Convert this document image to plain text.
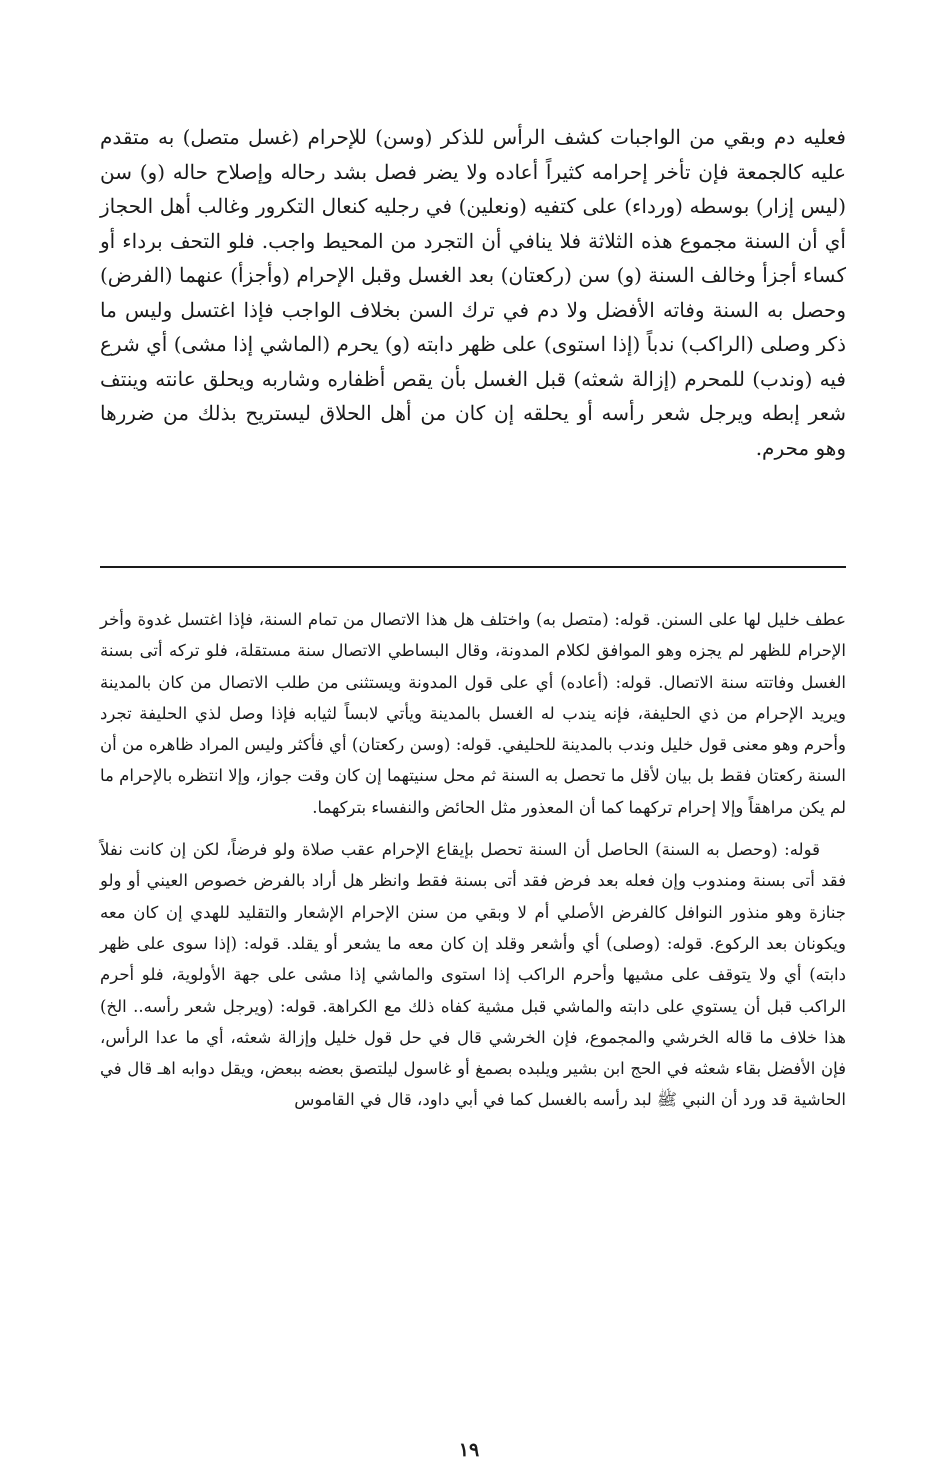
فعليه دم وبقي من الواجبات كشف الرأس للذكر (وسن) للإحرام (غسل متصل) به متقدم عليه كالجمعة فإن تأخر إحرامه كثيراً أعاده ولا يضر فصل بشد رحاله وإصلاح حاله (و) سن (ليس إزار) بوسطه (ورداء) على كتفيه (ونعلين) في رجليه كنعال التكرور وغالب أهل الحجاز أي أن السنة مجموع هذه الثلاثة فلا ينافي أن التجرد من المحيط واجب. فلو التحف برداء أو كساء أجزأ وخالف السنة (و) سن (ركعتان) بعد الغسل وقبل الإحرام (وأجزأ) عنهما (الفرض) وحصل به السنة وفاته الأفضل ولا دم في ترك السن بخلاف الواجب فإذا اغتسل وليس ما ذكر وصلى (الراكب) ندباً (إذا استوى) على ظهر دابته (و) يحرم (الماشي إذا مشى) أي شرع فيه (وندب) للمحرم (إزالة شعثه) قبل الغسل بأن يقص أظفاره وشاربه ويحلق عانته وينتف شعر إبطه ويرجل شعر رأسه أو يحلقه إن كان من أهل الحلاق ليستريح بذلك من ضررها وهو محرم.

عطف خليل لها على السنن. قوله: (متصل به) واختلف هل هذا الاتصال من تمام السنة، فإذا اغتسل غدوة وأخر الإحرام للظهر لم يجزه وهو الموافق لكلام المدونة، وقال البساطي الاتصال سنة مستقلة، فلو تركه أتى بسنة الغسل وفاتته سنة الاتصال. قوله: (أعاده) أي على قول المدونة ويستثنى من طلب الاتصال من كان بالمدينة ويريد الإحرام من ذي الحليفة، فإنه يندب له الغسل بالمدينة ويأتي لابساً لثيابه فإذا وصل لذي الحليفة تجرد وأحرم وهو معنى قول خليل وندب بالمدينة للحليفي. قوله: (وسن ركعتان) أي فأكثر وليس المراد ظاهره من أن السنة ركعتان فقط بل بيان لأقل ما تحصل به السنة ثم محل سنيتهما إن كان وقت جواز، وإلا انتظره بالإحرام ما لم يكن مراهقاً وإلا إحرام تركهما كما أن المعذور مثل الحائض والنفساء بتركهما.

قوله: (وحصل به السنة) الحاصل أن السنة تحصل بإيقاع الإحرام عقب صلاة ولو فرضاً، لكن إن كانت نفلاً فقد أتى بسنة ومندوب وإن فعله بعد فرض فقد أتى بسنة فقط وانظر هل أراد بالفرض خصوص العيني أو ولو جنازة وهو منذور النوافل كالفرض الأصلي أم لا وبقي من سنن الإحرام الإشعار والتقليد للهدي إن كان معه ويكونان بعد الركوع. قوله: (وصلى) أي وأشعر وقلد إن كان معه ما يشعر أو يقلد. قوله: (إذا سوى على ظهر دابته) أي ولا يتوقف على مشيها وأحرم الراكب إذا استوى والماشي إذا مشى على جهة الأولوية، فلو أحرم الراكب قبل أن يستوي على دابته والماشي قبل مشية كفاه ذلك مع الكراهة. قوله: (ويرجل شعر رأسه.. الخ) هذا خلاف ما قاله الخرشي والمجموع، فإن الخرشي قال في حل قول خليل وإزالة شعثه، أي ما عدا الرأس، فإن الأفضل بقاء شعثه في الحج ابن بشير ويلبده بصمغ أو غاسول ليلتصق بعضه ببعض، ويقل دوابه اهـ قال في الحاشية قد ورد أن النبي ﷺ لبد رأسه بالغسل كما في أبي داود، قال في القاموس

١٩
